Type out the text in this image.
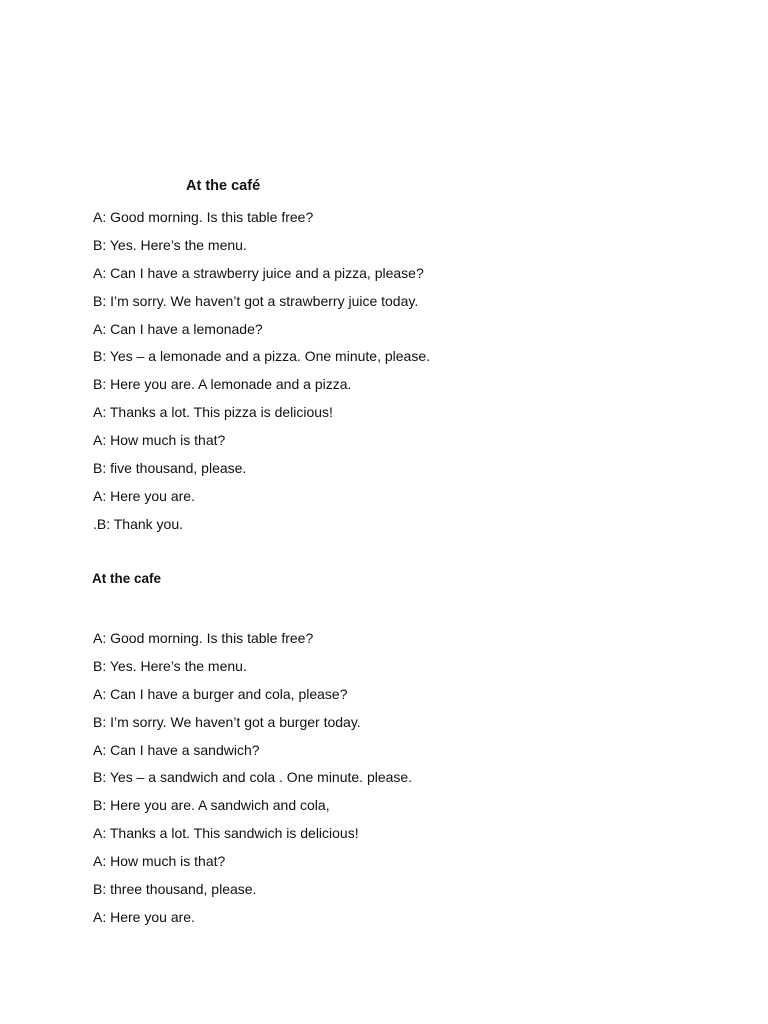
At the café
A: Good morning. Is this table free?
B: Yes. Here’s the menu.
A: Can I have a strawberry juice and a pizza, please?
B: I’m sorry. We haven’t got a strawberry juice today.
A: Can I have a lemonade?
B: Yes – a lemonade and a pizza. One minute, please.
B: Here you are. A lemonade and a pizza.
A: Thanks a lot. This pizza is delicious!
A: How much is that?
B: five thousand, please.
A: Here you are.
.B: Thank you.
At the cafe
A: Good morning. Is this table free?
B: Yes. Here’s the menu.
A: Can I have a burger and cola, please?
B: I’m sorry. We haven’t got a burger today.
A: Can I have a sandwich?
B: Yes – a sandwich and cola . One minute. please.
B: Here you are. A sandwich and cola,
A: Thanks a lot. This sandwich is delicious!
A: How much is that?
B: three thousand, please.
A: Here you are.
